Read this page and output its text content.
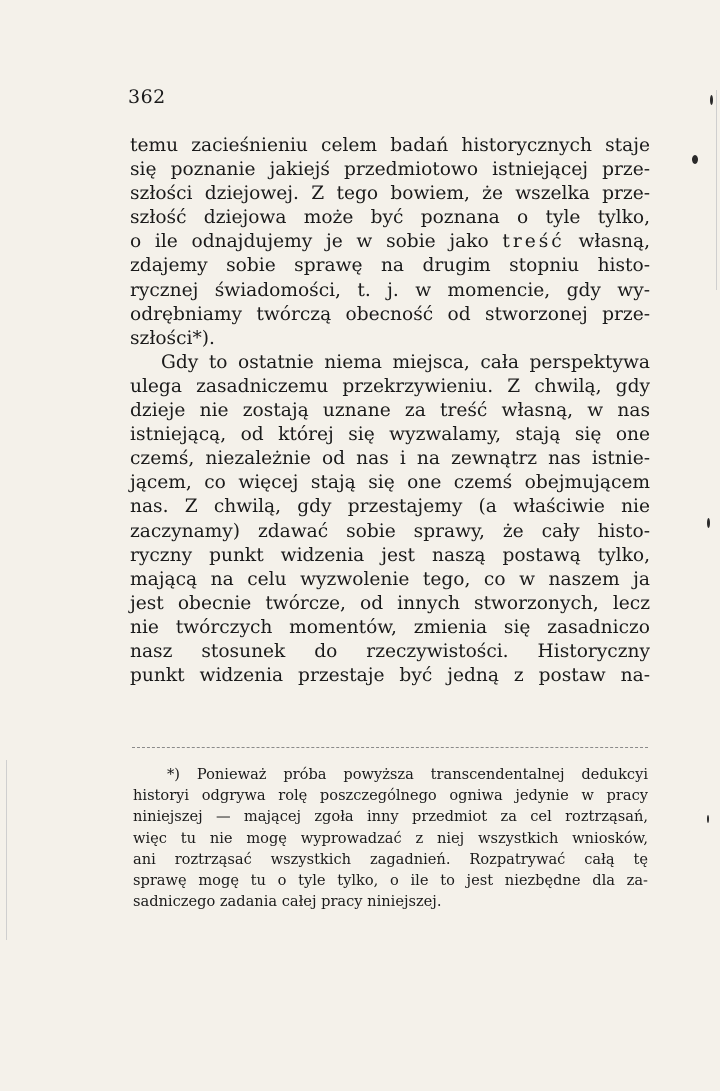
362
temu zacieśnieniu celem badań historycznych staje
się poznanie jakiejś przedmiotowo istniejącej prze-
szłości dziejowej. Z tego bowiem, że wszelka prze-
szłość dziejowa może być poznana o tyle tylko,
o ile odnajdujemy je w sobie jako treść własną,
zdajemy sobie sprawę na drugim stopniu histo-
rycznej świadomości, t. j. w momencie, gdy wy-
odrębniamy twórczą obecność od stworzonej prze-
szłości*).
Gdy to ostatnie niema miejsca, cała perspektywa
ulega zasadniczemu przekrzywieniu. Z chwilą, gdy
dzieje nie zostają uznane za treść własną, w nas
istniejącą, od której się wyzwalamy, stają się one
czemś, niezależnie od nas i na zewnątrz nas istnie-
jącem, co więcej stają się one czemś obejmującem
nas. Z chwilą, gdy przestajemy (a właściwie nie
zaczynamy) zdawać sobie sprawy, że cały histo-
ryczny punkt widzenia jest naszą postawą tylko,
mającą na celu wyzwolenie tego, co w naszem ja
jest obecnie twórcze, od innych stworzonych, lecz
nie twórczych momentów, zmienia się zasadniczo
nasz stosunek do rzeczywistości. Historyczny
punkt widzenia przestaje być jedną z postaw na-
*) Ponieważ próba powyższa transcendentalnej dedukcyi
historyi odgrywa rolę poszczególnego ogniwa jedynie w pracy
niniejszej — mającej zgoła inny przedmiot za cel roztrząsań,
więc tu nie mogę wyprowadzać z niej wszystkich wniosków,
ani roztrząsać wszystkich zagadnień. Rozpatrywać całą tę
sprawę mogę tu o tyle tylko, o ile to jest niezbędne dla za-
sadniczego zadania całej pracy niniejszej.
